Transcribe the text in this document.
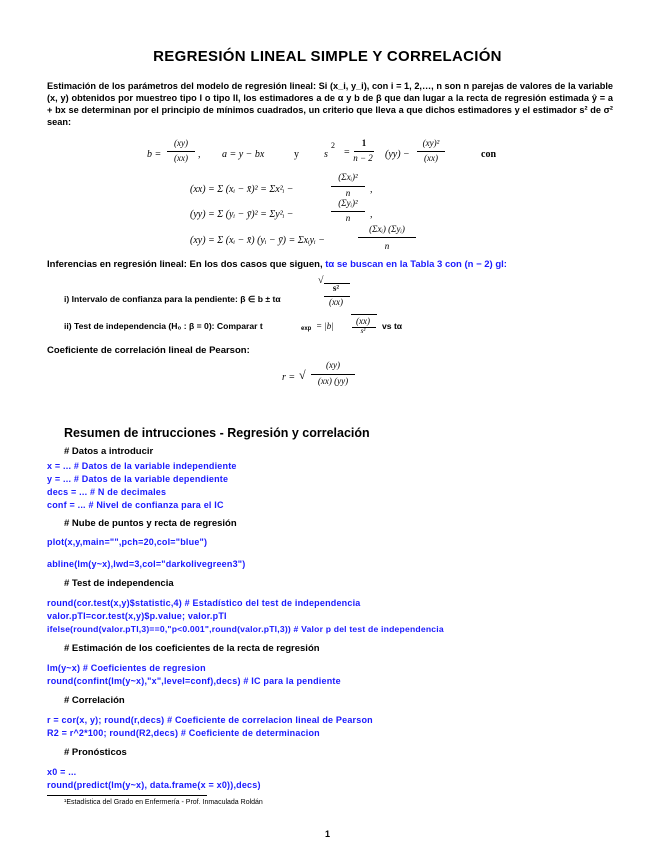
REGRESIÓN LINEAL SIMPLE Y CORRELACIÓN
Estimación de los parámetros del modelo de regresión lineal: Si (x_i, y_i), con i = 1, 2,…, n son n parejas de valores de la variable (x, y) obtenidos por muestreo tipo I o tipo II, los estimadores a de α y b de β que dan lugar a la recta de regresión estimada ŷ = a + bx se determinan por el principio de mínimos cuadrados, un criterio que lleva a que dichos estimadores y el estimador s² de σ² sean:
b =
(xy)
(xx)	, a = y − bx	y	s
2
=
1
n − 2	(yy) −
(xy)²
(xx)	con
(xx) = Σ (xᵢ − x̄)² = Σx²ᵢ −
(Σxᵢ)²
n	,
(yy) = Σ (yᵢ − ȳ)² = Σy²ᵢ −
(Σyᵢ)²
n	,
(xy) = Σ (xᵢ − x̄) (yᵢ − ȳ) = Σxᵢyᵢ −
(Σxᵢ) (Σyᵢ)
n
Inferencias en regresión lineal: En los dos casos que siguen, tα se buscan en la Tabla 3 con (n − 2) gl:
i) Intervalo de confianza para la pendiente: β ∈ b ± tα
√
s²
(xx)
ii) Test de independencia (H₀ : β = 0): Comparar t	exp = |b|	(xx)
s²	vs tα
Coeficiente de correlación lineal de Pearson:
r = √
(xy)
(xx) (yy)
Resumen de intrucciones - Regresión y correlación
# Datos a introducir
x = ... # Datos de la variable independiente
y = ... # Datos de la variable dependiente
decs = ... # N de decimales
conf = ... # Nivel de confianza para el IC
# Nube de puntos y recta de regresión
plot(x,y,main="",pch=20,col="blue")
abline(lm(y~x),lwd=3,col="darkolivegreen3")
# Test de independencia
round(cor.test(x,y)$statistic,4) # Estadístico del test de independencia
valor.pTI=cor.test(x,y)$p.value; valor.pTI
ifelse(round(valor.pTI,3)==0,"p<0.001",round(valor.pTI,3)) # Valor p del test de independencia
# Estimación de los coeficientes de la recta de regresión
lm(y~x) # Coeficientes de regresion
round(confint(lm(y~x),"x",level=conf),decs) # IC para la pendiente
# Correlación
r = cor(x, y); round(r,decs) # Coeficiente de correlacion lineal de Pearson
R2 = r^2*100; round(R2,decs) # Coeficiente de determinacion
# Pronósticos
x0 = ...
round(predict(lm(y~x), data.frame(x = x0)),decs)
¹Estadística del Grado en Enfermería - Prof. Inmaculada Roldán
1
